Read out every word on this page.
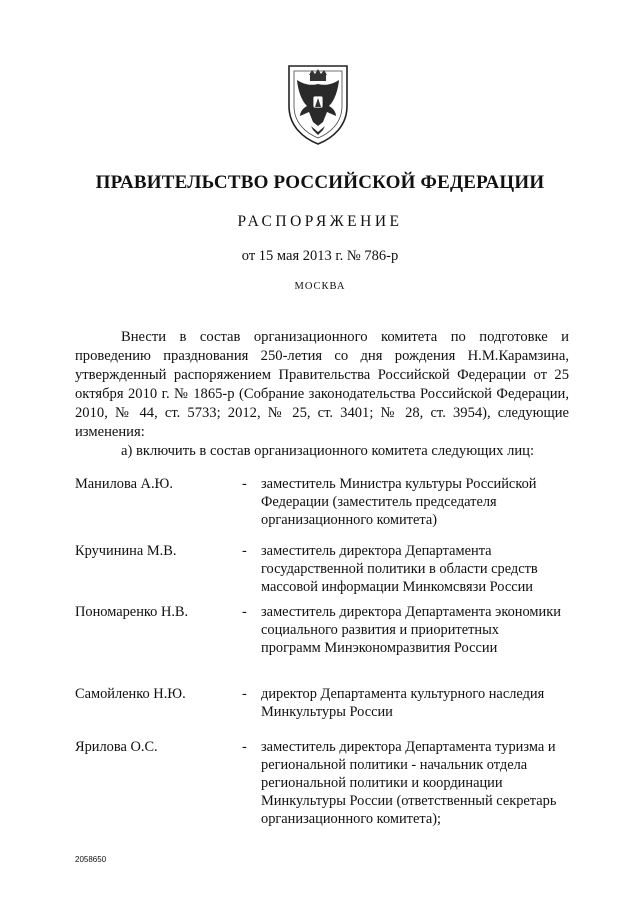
ПРАВИТЕЛЬСТВО РОССИЙСКОЙ ФЕДЕРАЦИИ
РАСПОРЯЖЕНИЕ
от 15 мая 2013 г. № 786-р
МОСКВА
Внести в состав организационного комитета по подготовке и проведению празднования 250-летия со дня рождения Н.М.Карамзина, утвержденный распоряжением Правительства Российской Федерации от 25 октября 2010 г. № 1865-р (Собрание законодательства Российской Федерации, 2010, № 44, ст. 5733; 2012, № 25, ст. 3401; № 28, ст. 3954), следующие изменения:
а) включить в состав организационного комитета следующих лиц:
Манилова А.Ю.	- заместитель Министра культуры Российской Федерации (заместитель председателя организационного комитета)
Кручинина М.В.	- заместитель директора Департамента государственной политики в области средств массовой информации Минкомсвязи России
Пономаренко Н.В.	- заместитель директора Департамента экономики социального развития и приоритетных программ Минэкономразвития России
Самойленко Н.Ю.	- директор Департамента культурного наследия Минкультуры России
Ярилова О.С.	- заместитель директора Департамента туризма и региональной политики - начальник отдела региональной политики и координации Минкультуры России (ответственный секретарь организационного комитета);
2058650
